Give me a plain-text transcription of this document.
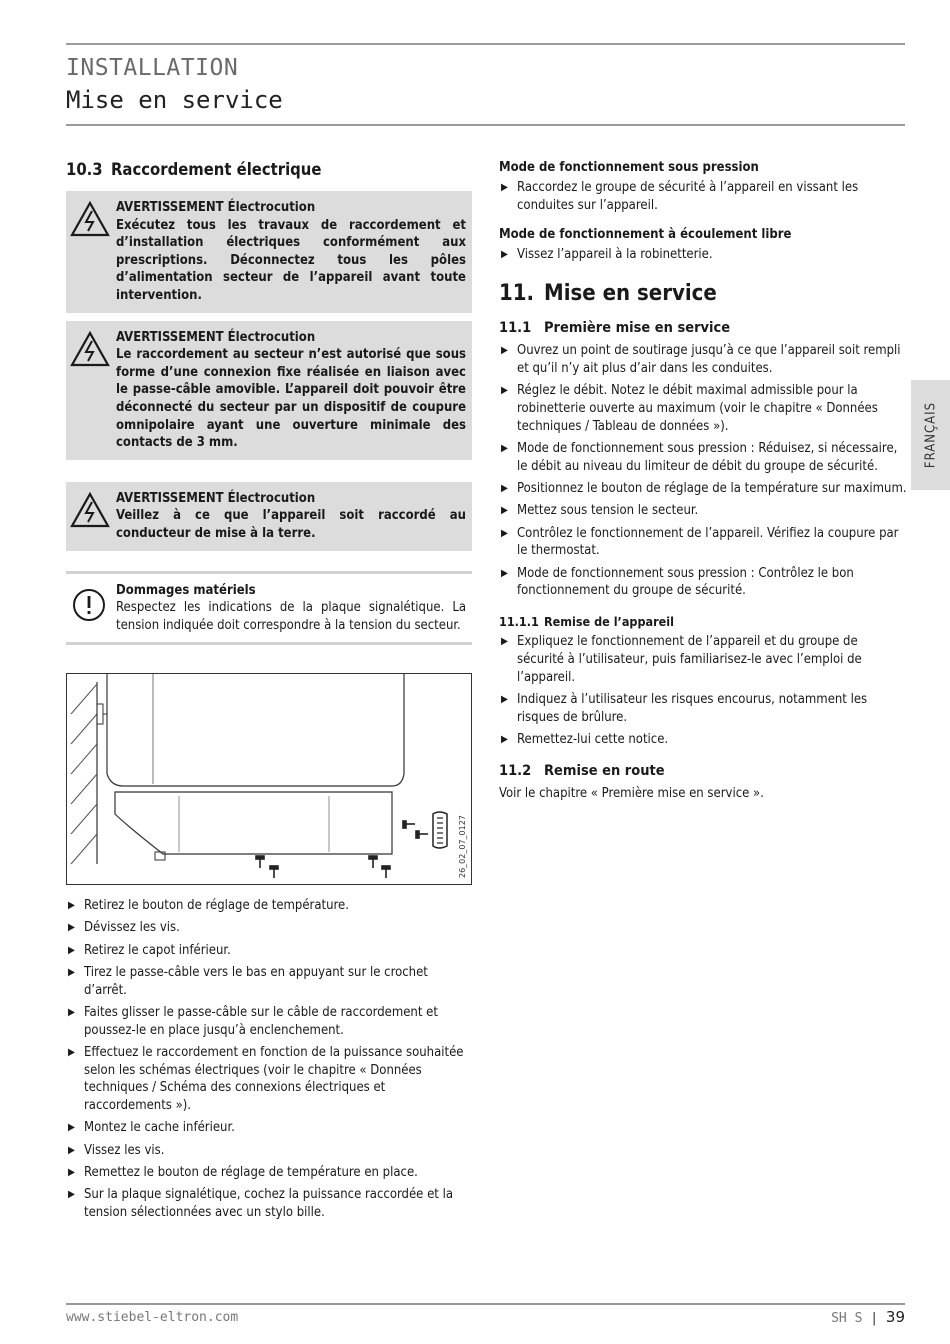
INSTALLATION
Mise en service
10.3 Raccordement électrique
AVERTISSEMENT Électrocution
Exécutez tous les travaux de raccordement et d’installation électriques conformément aux prescriptions. Déconnectez tous les pôles d’alimentation secteur de l’appareil avant toute intervention.
AVERTISSEMENT Électrocution
Le raccordement au secteur n’est autorisé que sous forme d’une connexion fixe réalisée en liaison avec le passe-câble amovible. L’appareil doit pouvoir être déconnecté du secteur par un dispositif de coupure omnipolaire ayant une ouverture minimale des contacts de 3 mm.
AVERTISSEMENT Électrocution
Veillez à ce que l’appareil soit raccordé au conducteur de mise à la terre.
Dommages matériels
Respectez les indications de la plaque signalétique. La tension indiquée doit correspondre à la tension du secteur.
26_02_07_0127
▶ Retirez le bouton de réglage de température.
▶ Dévissez les vis.
▶ Retirez le capot inférieur.
▶ Tirez le passe-câble vers le bas en appuyant sur le crochet d’arrêt.
▶ Faites glisser le passe-câble sur le câble de raccordement et poussez-le en place jusqu’à enclenchement.
▶ Effectuez le raccordement en fonction de la puissance souhaitée selon les schémas électriques (voir le chapitre « Données techniques / Schéma des connexions électriques et raccordements »).
▶ Montez le cache inférieur.
▶ Vissez les vis.
▶ Remettez le bouton de réglage de température en place.
▶ Sur la plaque signalétique, cochez la puissance raccordée et la tension sélectionnées avec un stylo bille.
Mode de fonctionnement sous pression
▶ Raccordez le groupe de sécurité à l’appareil en vissant les conduites sur l’appareil.
Mode de fonctionnement à écoulement libre
▶ Vissez l’appareil à la robinetterie.
11. Mise en service
11.1 Première mise en service
▶ Ouvrez un point de soutirage jusqu’à ce que l’appareil soit rempli et qu’il n’y ait plus d’air dans les conduites.
▶ Réglez le débit. Notez le débit maximal admissible pour la robinetterie ouverte au maximum (voir le chapitre « Données techniques / Tableau de données »).
▶ Mode de fonctionnement sous pression : Réduisez, si nécessaire, le débit au niveau du limiteur de débit du groupe de sécurité.
▶ Positionnez le bouton de réglage de la température sur maximum.
▶ Mettez sous tension le secteur.
▶ Contrôlez le fonctionnement de l’appareil. Vérifiez la coupure par le thermostat.
▶ Mode de fonctionnement sous pression : Contrôlez le bon fonctionnement du groupe de sécurité.
11.1.1 Remise de l’appareil
▶ Expliquez le fonctionnement de l’appareil et du groupe de sécurité à l’utilisateur, puis familiarisez-le avec l’emploi de l’appareil.
▶ Indiquez à l’utilisateur les risques encourus, notamment les risques de brûlure.
▶ Remettez-lui cette notice.
11.2 Remise en route
Voir le chapitre « Première mise en service ».
FRANÇAIS
www.stiebel-eltron.com	SH S | 39
